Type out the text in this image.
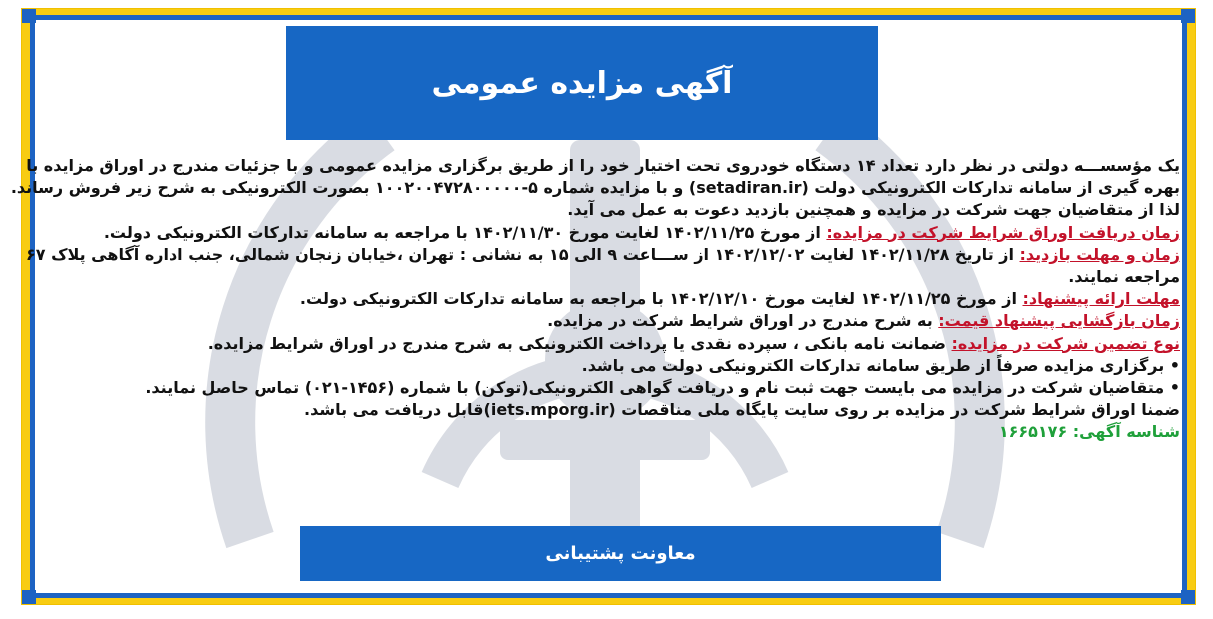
آگهی مزایده عمومی

یک مؤسســـه دولتی در نظر دارد تعداد ۱۴ دستگاه خودروی تحت اختیار خود را از طریق برگزاری مزایده عمومی و با جزئیات مندرج در اوراق مزایده با

بهره گیری از سامانه تدارکات الکترونیکی دولت (setadiran.ir) و با مزایده شماره ۵-۱۰۰۲۰۰۴۷۲۸۰۰۰۰۰ بصورت الکترونیکی به شرح زیر فروش رساند.

لذا از متقاضیان جهت شرکت در مزایده و همچنین بازدید دعوت به عمل می آید.

زمان دریافت اوراق شرایط شرکت در مزایده: از مورخ ۱۴۰۲/۱۱/۲۵ لغایت مورخ ۱۴۰۲/۱۱/۳۰ با مراجعه به سامانه تدارکات الکترونیکی دولت.

زمان و مهلت بازدید: از تاریخ ۱۴۰۲/۱۱/۲۸ لغایت ۱۴۰۲/۱۲/۰۲ از ســـاعت ۹ الی ۱۵ به نشانی : تهران ،خیابان زنجان شمالی، جنب اداره آگاهی پلاک ۶۷

مراجعه نمایند.

مهلت ارائه پیشنهاد: از مورخ ۱۴۰۲/۱۱/۲۵ لغایت مورخ ۱۴۰۲/۱۲/۱۰ با مراجعه به سامانه تدارکات الکترونیکی دولت.

زمان بازگشایی پیشنهاد قیمت: به شرح مندرج در اوراق شرایط شرکت در مزایده.

نوع تضمین شرکت در مزایده: ضمانت نامه بانکی ، سپرده نقدی یا پرداخت الکترونیکی به شرح مندرج در اوراق شرایط مزایده.

• برگزاری مزایده صرفاً از طریق سامانه تدارکات الکترونیکی دولت می باشد.

• متقاضیان شرکت در مزایده می بایست جهت ثبت نام و دریافت گواهی الکترونیکی(توکن) با شماره (۱۴۵۶-۰۲۱) تماس حاصل نمایند.

ضمنا اوراق شرایط شرکت در مزایده بر روی سایت پایگاه ملی مناقصات (iets.mporg.ir)قابل دریافت می باشد.

شناسه آگهی: ۱۶۶۵۱۷۶

معاونت پشتیبانی
